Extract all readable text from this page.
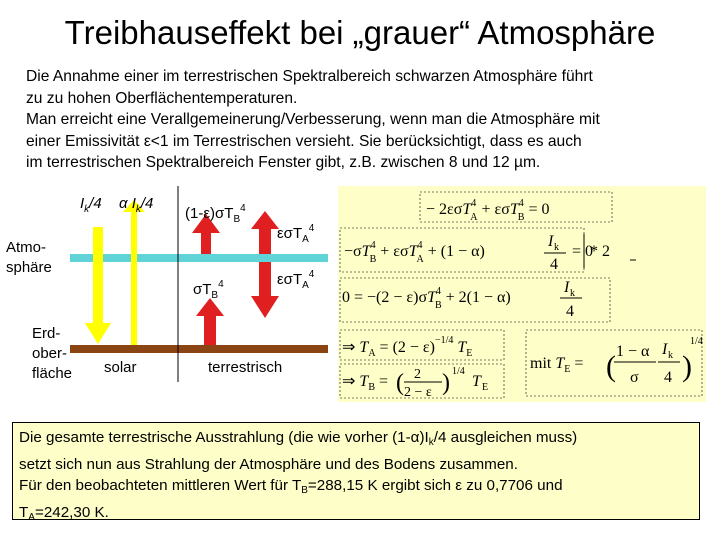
Treibhauseffekt bei „grauer“ Atmosphäre

Die Annahme einer im terrestrischen Spektralbereich schwarzen Atmosphäre führt

zu zu hohen Oberflächentemperaturen.

Man erreicht eine Verallgemeinerung/Verbesserung, wenn man die Atmosphäre mit

einer Emissivität ε<1 im Terrestrischen versieht. Sie berücksichtigt, dass es auch

im terrestrischen Spektralbereich Fenster gibt, z.B. zwischen 8 und 12 µm.

$I_k/4$ α $I_k/4$
$(1-\varepsilon)\sigma T_B^4$
εσT$_A^4$
$\sigma T_B^4$	εσT$_A^4$
Atmo-
sphäre
Erd-
ober-
fläche solar	terrestrisch
− 2εσT$^4$ A + εσT$^4$ B = 0
$-\sigma T^4$ B + εσT$^4$ A + (1 − α)
I k
4
= 0
* 2
$0 = -(2 - \varepsilon)\sigma T^4$ B + 2(1 − α)
I k
4
⇒ $T_A = (2 - \varepsilon)^{-1/4}$ $T_E$
⇒ $T_B = 2$
2 − ε
( ) 1/4
T E
mit $T_E$ = ( 1 − α
σ
I k
4 )
1/4

Die gesamte terrestrische Ausstrahlung (die wie vorher $(1-\alpha)I_k/4$ ausgleichen muss)

setzt sich nun aus Strahlung der Atmosphäre und des Bodens zusammen.

Für den beobachteten mittleren Wert für $T_B=288,15$ K ergibt sich ε zu 0,7706 und

$T_A=242,30$ K.
